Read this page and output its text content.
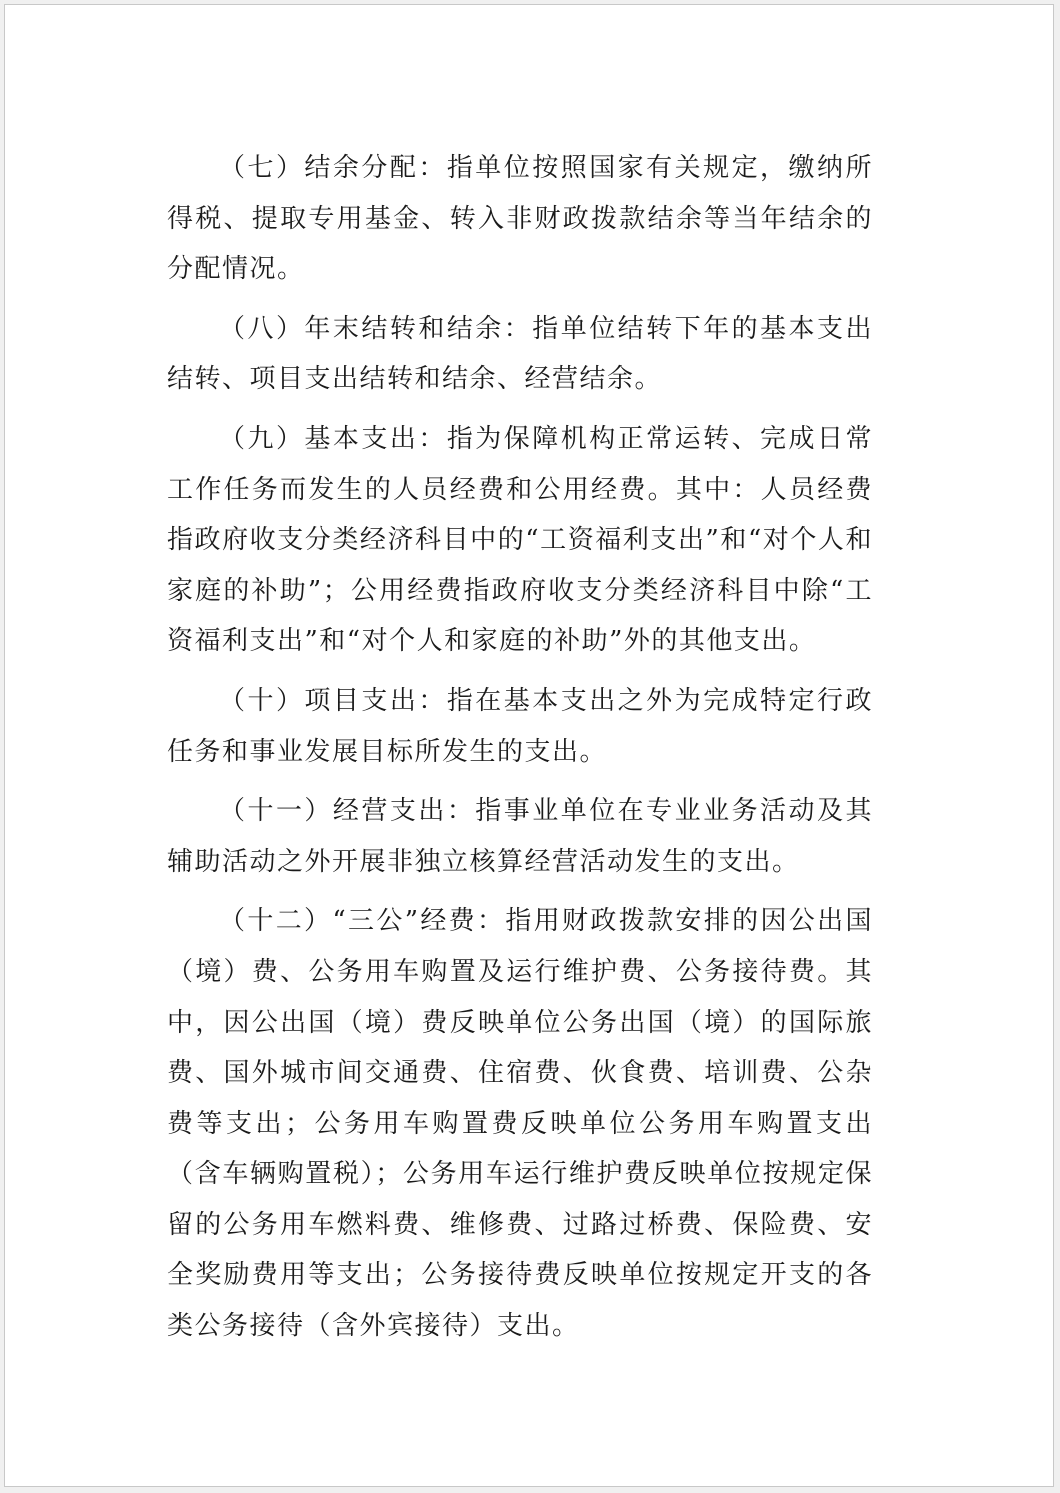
（七）结余分配：指单位按照国家有关规定，缴纳所得税、提取专用基金、转入非财政拨款结余等当年结余的分配情况。

（八）年末结转和结余：指单位结转下年的基本支出结转、项目支出结转和结余、经营结余。

（九）基本支出：指为保障机构正常运转、完成日常工作任务而发生的人员经费和公用经费。其中：人员经费指政府收支分类经济科目中的“工资福利支出”和“对个人和家庭的补助”；公用经费指政府收支分类经济科目中除“工资福利支出”和“对个人和家庭的补助”外的其他支出。

（十）项目支出：指在基本支出之外为完成特定行政任务和事业发展目标所发生的支出。

（十一）经营支出：指事业单位在专业业务活动及其辅助活动之外开展非独立核算经营活动发生的支出。

（十二）“三公”经费：指用财政拨款安排的因公出国（境）费、公务用车购置及运行维护费、公务接待费。其中，因公出国（境）费反映单位公务出国（境）的国际旅费、国外城市间交通费、住宿费、伙食费、培训费、公杂费等支出；公务用车购置费反映单位公务用车购置支出（含车辆购置税）；公务用车运行维护费反映单位按规定保留的公务用车燃料费、维修费、过路过桥费、保险费、安全奖励费用等支出；公务接待费反映单位按规定开支的各类公务接待（含外宾接待）支出。
